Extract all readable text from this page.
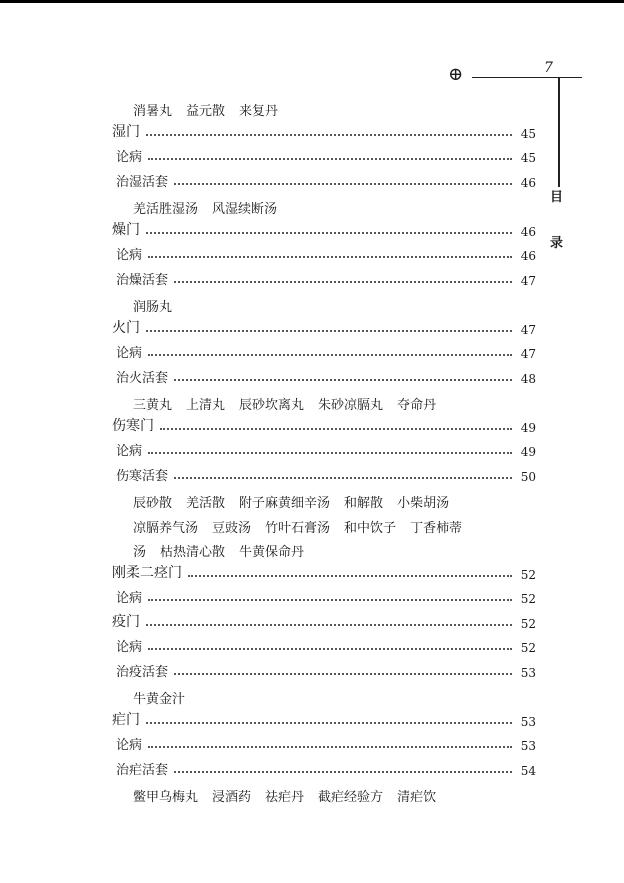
⊕	7
目
录
消暑丸 益元散 来复丹
湿门	45
论病	45
治湿活套	46
羌活胜湿汤 风湿续断汤
燥门	46
论病	46
治燥活套	47
润肠丸
火门	47
论病	47
治火活套	48
三黄丸 上清丸 辰砂坎离丸 朱砂凉膈丸 夺命丹
伤寒门	49
论病	49
伤寒活套	50
辰砂散 羌活散 附子麻黄细辛汤 和解散 小柴胡汤
凉膈养气汤 豆豉汤 竹叶石膏汤 和中饮子 丁香柿蒂
汤 枯热清心散 牛黄保命丹
刚柔二痉门	52
论病	52
疫门	52
论病	52
治疫活套	53
牛黄金汁
疟门	53
论病	53
治疟活套	54
鳖甲乌梅丸 浸酒药 祛疟丹 截疟经验方 清疟饮
